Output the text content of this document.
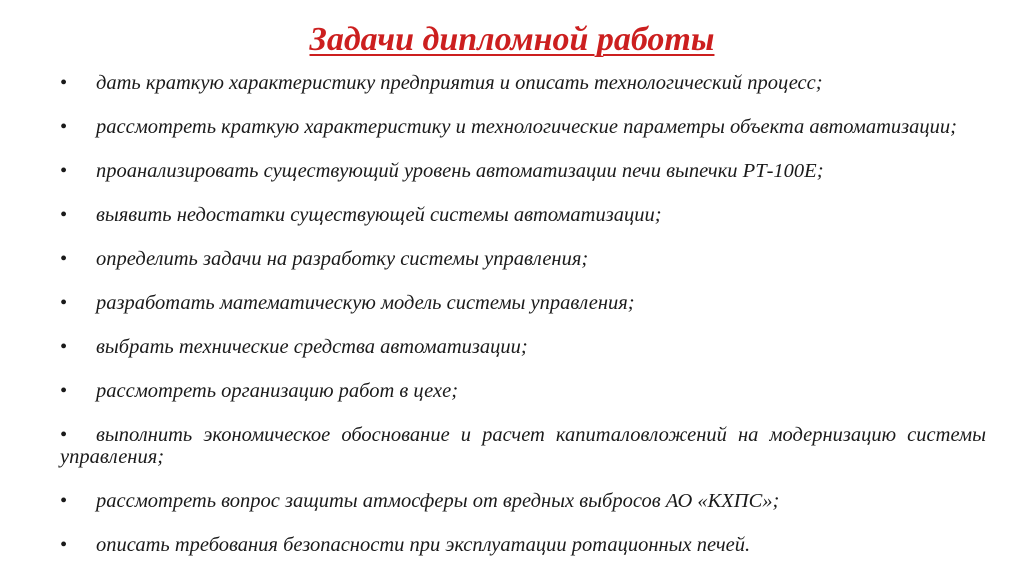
Задачи дипломной работы
• дать краткую характеристику предприятия и описать технологический процесс;
• рассмотреть краткую характеристику и технологические параметры объекта автоматизации;
• проанализировать существующий уровень автоматизации печи выпечки РТ-100Е;
• выявить недостатки существующей системы автоматизации;
• определить задачи на разработку системы управления;
• разработать математическую модель системы управления;
• выбрать технические средства автоматизации;
• рассмотреть организацию работ в цехе;
• выполнить экономическое обоснование и расчет капиталовложений на модернизацию системы управления;
• рассмотреть вопрос защиты атмосферы от вредных выбросов АО «КХПС»;
• описать требования безопасности при эксплуатации ротационных печей.
